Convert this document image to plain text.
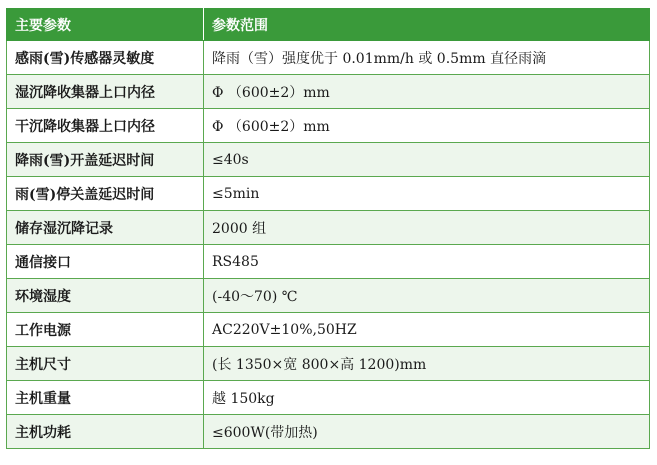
主要参数	参数范围
感雨(雪)传感器灵敏度	降雨（雪）强度优于 0.01mm/h 或 0.5mm 直径雨滴
湿沉降收集器上口内径	Φ （600±2）mm
干沉降收集器上口内径	Φ （600±2）mm
降雨(雪)开盖延迟时间	≤40s
雨(雪)停关盖延迟时间	≤5min
储存湿沉降记录	2000 组
通信接口	RS485
环境湿度	(-40～70) ℃
工作电源	AC220V±10%,50HZ
主机尺寸	(长 1350×宽 800×高 1200)mm
主机重量	越 150kg
主机功耗	≤600W(带加热)
